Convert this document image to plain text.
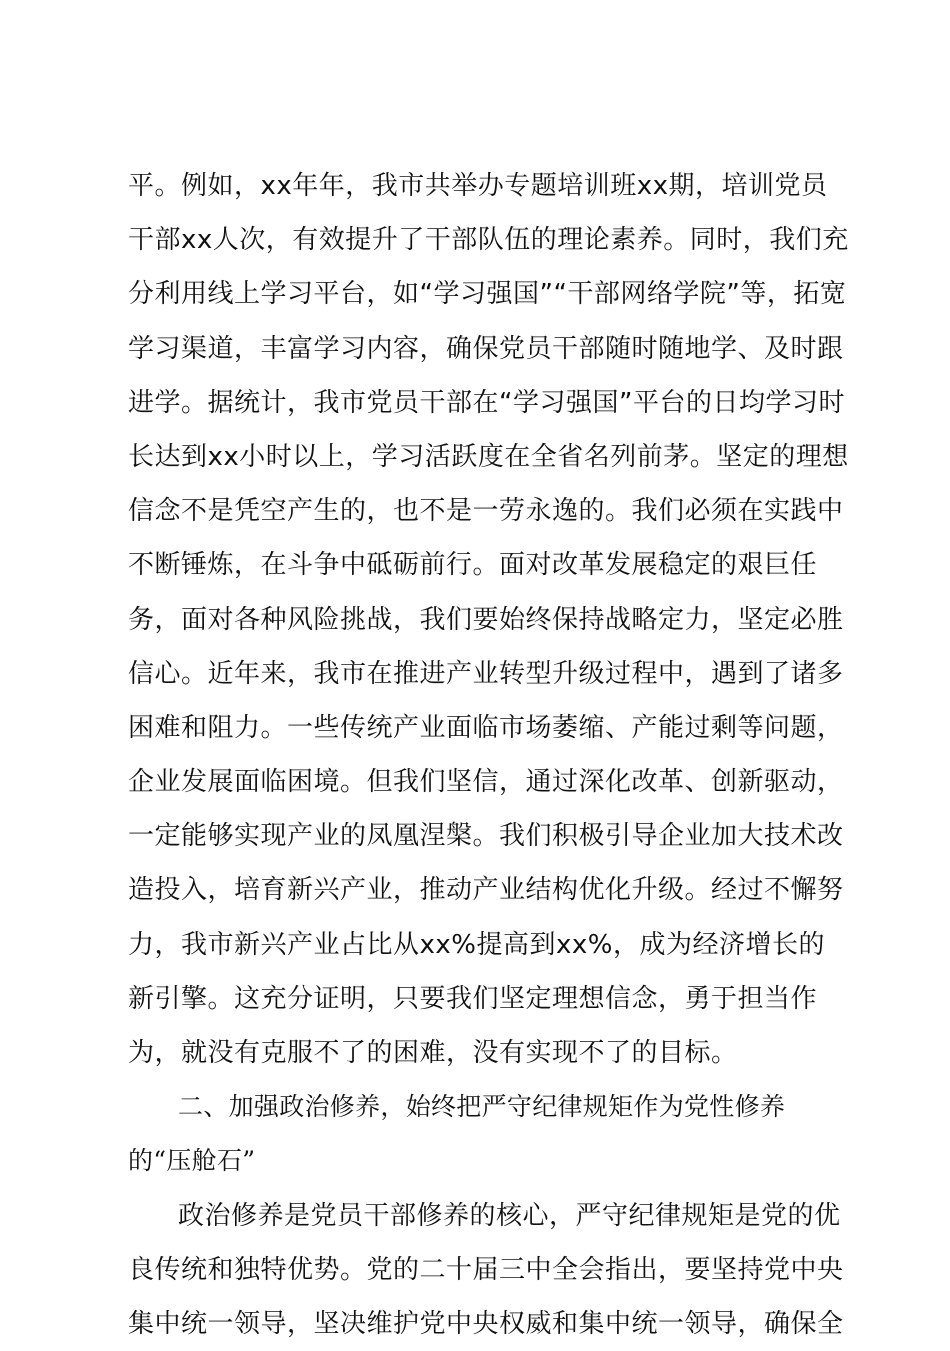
平。例如，xx年年，我市共举办专题培训班xx期，培训党员
干部xx人次，有效提升了干部队伍的理论素养。同时，我们充
分利用线上学习平台，如“学习强国”“干部网络学院”等，拓宽
学习渠道，丰富学习内容，确保党员干部随时随地学、及时跟
进学。据统计，我市党员干部在“学习强国”平台的日均学习时
长达到xx小时以上，学习活跃度在全省名列前茅。坚定的理想
信念不是凭空产生的，也不是一劳永逸的。我们必须在实践中
不断锤炼，在斗争中砥砺前行。面对改革发展稳定的艰巨任
务，面对各种风险挑战，我们要始终保持战略定力，坚定必胜
信心。近年来，我市在推进产业转型升级过程中，遇到了诸多
困难和阻力。一些传统产业面临市场萎缩、产能过剩等问题，
企业发展面临困境。但我们坚信，通过深化改革、创新驱动，
一定能够实现产业的凤凰涅槃。我们积极引导企业加大技术改
造投入，培育新兴产业，推动产业结构优化升级。经过不懈努
力，我市新兴产业占比从xx%提高到xx%，成为经济增长的
新引擎。这充分证明，只要我们坚定理想信念，勇于担当作
为，就没有克服不了的困难，没有实现不了的目标。
二、加强政治修养，始终把严守纪律规矩作为党性修养
的“压舱石”
政治修养是党员干部修养的核心，严守纪律规矩是党的优
良传统和独特优势。党的二十届三中全会指出，要坚持党中央
集中统一领导，坚决维护党中央权威和集中统一领导，确保全
